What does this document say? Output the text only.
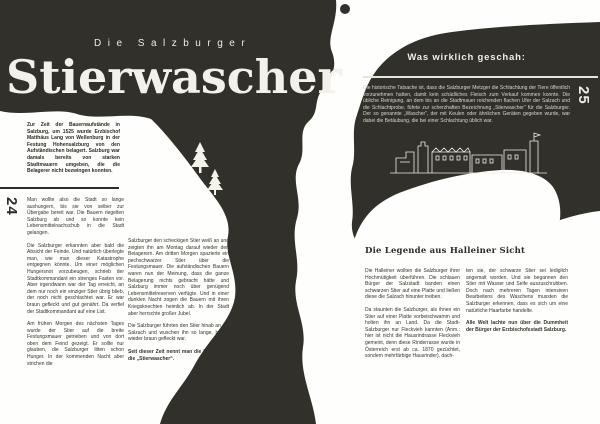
Die Salzburger
Stierwascher
Zur Zeit der Bauernaufstände in Salzburg, um 1525 wurde Erzbischof Matthäus Lang von Wellenburg in der Festung Hohensalzburg von den Aufständischen belagert. Salzburg war damals bereits von starken Stadtmauern umgeben, die die Belagerer nicht bezwingen konnten.
24 Man wollte also die Stadt so lange aushungern, bis sie von selber zur Übergabe bereit war. Die Bauern riegelten Salzburg ab und so konnte kein Lebensmittelnachschub in die Stadt gelangen.

Die Salzburger erkannten aber bald die Absicht der Feinde. Und natürlich überlegte man, wie man dieser Katastrophe entgegnen könnte. Um einer möglichen Hungersnot vorzubeugen, schrieb der Stadtkommandant ein strenges Fasten vor. Aber irgendwann war der Tag erreicht, an dem nur noch ein einziger Stier übrig blieb, der noch nicht geschlachtet war. Er war braun gefleckt und gut genährt. Da verfiel der Stadtkommandant auf eine List.

Am frühen Morgen des nächsten Tages wurde der Stier auf die breite Festungsmauer getrieben und von dort oben dem Feind gezeigt. Er sollte nur glauben, die Salzburger litten schon Hunger. In der kommenden Nacht aber strichen die

Salzburger den scheckigen Stier weiß an und zeigten ihn am Montag darauf wieder den Belagerern. Am dritten Morgen spazierte ein pechschwarzer Stier über die Festungsmauer. Die aufständischen Bauern waren nun der Meinung, dass die ganze Belagerung nichts gebracht hätte und Salzburg immer noch über genügend Lebensmittelreserven verfügte. Und in einer dunklen Nacht zogen die Bauern mit ihren Kriegsknechten heimlich ab. In der Stadt aber herrschte großer Jubel.

Die Salzburger führten den Stier hinab an die Salzach und wuschen ihn so lange, bis er wieder braun gefleckt war.

Seit dieser Zeit nennt man die Salzburger die „Stierwascher“.

Was wirklich geschah:
Die historische Tatsache ist, dass die Salzburger Metzger die Schlachtung der Tiere öffentlich vorzunehmen hatten, damit kein schädliches Fleisch zum Verkauf kommen konnte. Die übliche Reinigung, an dem bis an die Stadtmauer reichenden flachen Ufer der Salzach und die Schlachtprobe, führte zur scherzhaften Bezeichnung „Stierwascher“ für die Salzburger. Der so genannte „Wascher“, der mit Keulen oder ähnlichen Geräten gegeben wurde, war dabei die Betäubung, die bei einer Schlachtung üblich war.
25
Die Legende aus Halleiner Sicht

Die Halleiner wollten die Salzburger ihrer Hochmütigkeit überführen. Die schlauen Bürger der Salzstadt banden einen schwarzen Stier auf eine Platte und ließen diese die Salzach hinunter treiben.

Da staunten die Salzburger, als ihnen ein Stier auf einer Platte vorbeischwamm und holten ihn an Land. Da die Stadt-Salzburger nur Fleckvieh kannten (Anm.: hier ist nicht die Hausrindrasse Fleckvieh gemeint, denn diese Rinderrasse wurde in Österreich erst ab ca. 1870 gezüchtet, sondern mehrfärbige Hausrinder), dach-

ten sie, der schwarze Stier sei lediglich angemalt worden. Und sie begannen den Stier mit Wasser und Seife auszuschrubben. Doch nach mehreren Tagen intensiven Bearbeitens des Waschens mussten die Salzburger erkennen, dass es sich um eine natürliche Haarfarbe handelte.

Alle Welt lachte nun über die Dummheit der Bürger der Erzbischofsstadt Salzburg.
